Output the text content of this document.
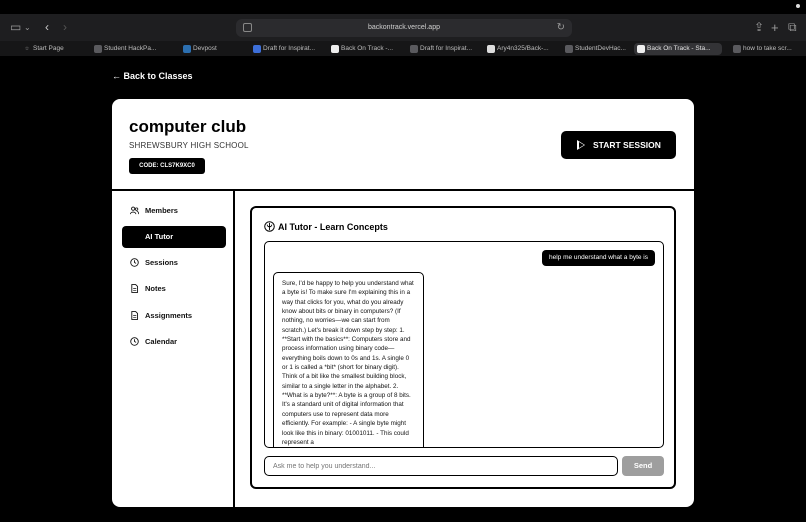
▭ ⌄ ‹ ›	backontrack.vercel.app	↻	⇪ + ⧉
☆ Start Page	Student HackPa...	Devpost	Draft for Inspirat...	Back On Track -...	Draft for Inspirat...	Ary4n325/Back-...	StudentDevHac...	Back On Track - Sta...	how to take scr...
← Back to Classes
computer club
SHREWSBURY HIGH SCHOOL
CODE: CLS7K9XC0
START SESSION
Members
AI Tutor
Sessions
Notes
Assignments
Calendar
AI Tutor - Learn Concepts
help me understand what a byte is
Sure, I'd be happy to help you understand what a byte is! To make sure I'm explaining this in a way that clicks for you, what do you already know about bits or binary in computers? (If nothing, no worries—we can start from scratch.) Let's break it down step by step: 1. **Start with the basics**: Computers store and process information using binary code—everything boils down to 0s and 1s. A single 0 or 1 is called a *bit* (short for binary digit). Think of a bit like the smallest building block, similar to a single letter in the alphabet. 2. **What is a byte?**: A byte is a group of 8 bits. It's a standard unit of digital information that computers use to represent data more efficiently. For example: - A single byte might look like this in binary: 01001011. - This could represent a
Ask me to help you understand...
Send
